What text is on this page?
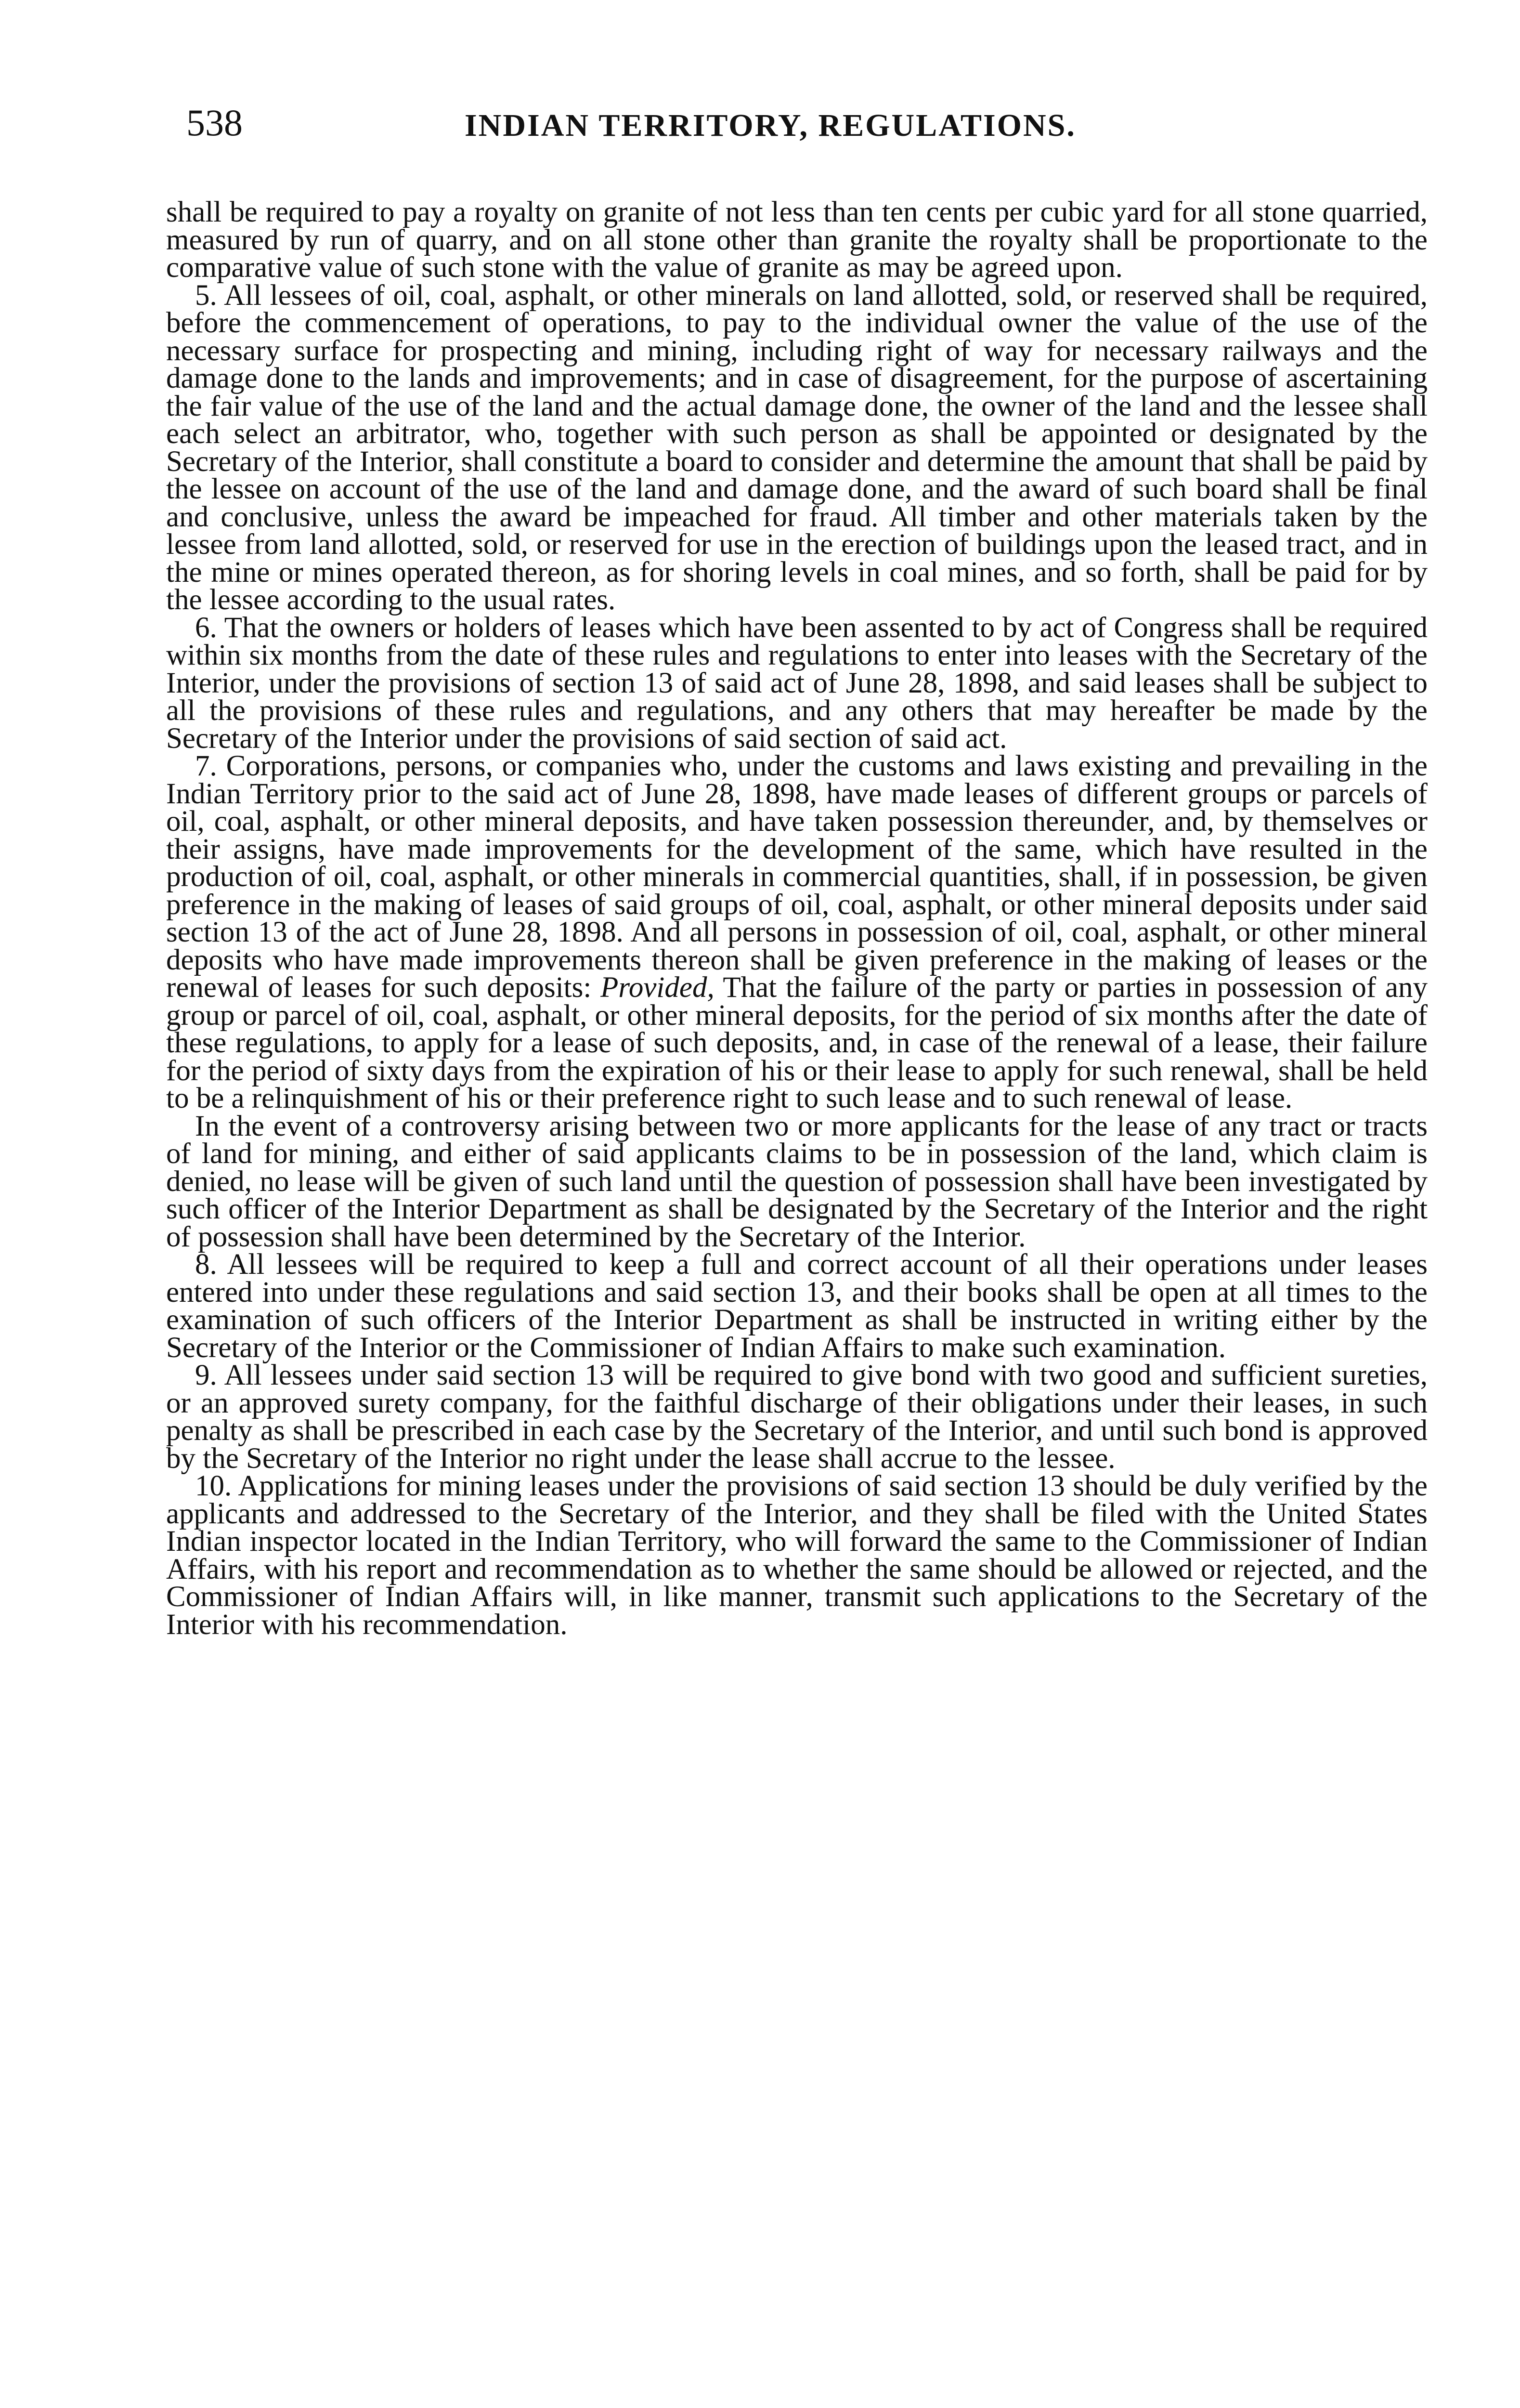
538	INDIAN TERRITORY, REGULATIONS.

shall be required to pay a royalty on granite of not less than ten cents per cubic yard for all stone quarried, measured by run of quarry, and on all stone other than granite the royalty shall be proportionate to the comparative value of such stone with the value of granite as may be agreed upon.

5. All lessees of oil, coal, asphalt, or other minerals on land allotted, sold, or reserved shall be required, before the commencement of operations, to pay to the individual owner the value of the use of the necessary surface for prospecting and mining, including right of way for necessary railways and the damage done to the lands and improvements; and in case of disagreement, for the purpose of ascertaining the fair value of the use of the land and the actual damage done, the owner of the land and the lessee shall each select an arbitrator, who, together with such person as shall be appointed or designated by the Secretary of the Interior, shall constitute a board to consider and determine the amount that shall be paid by the lessee on account of the use of the land and damage done, and the award of such board shall be final and conclusive, unless the award be impeached for fraud. All timber and other materials taken by the lessee from land allotted, sold, or reserved for use in the erection of buildings upon the leased tract, and in the mine or mines operated thereon, as for shoring levels in coal mines, and so forth, shall be paid for by the lessee according to the usual rates.

6. That the owners or holders of leases which have been assented to by act of Congress shall be required within six months from the date of these rules and regulations to enter into leases with the Secretary of the Interior, under the provisions of section 13 of said act of June 28, 1898, and said leases shall be subject to all the provisions of these rules and regulations, and any others that may hereafter be made by the Secretary of the Interior under the provisions of said section of said act.

7. Corporations, persons, or companies who, under the customs and laws existing and prevailing in the Indian Territory prior to the said act of June 28, 1898, have made leases of different groups or parcels of oil, coal, asphalt, or other mineral deposits, and have taken possession thereunder, and, by themselves or their assigns, have made improvements for the development of the same, which have resulted in the production of oil, coal, asphalt, or other minerals in commercial quantities, shall, if in possession, be given preference in the making of leases of said groups of oil, coal, asphalt, or other mineral deposits under said section 13 of the act of June 28, 1898. And all persons in possession of oil, coal, asphalt, or other mineral deposits who have made improvements thereon shall be given preference in the making of leases or the renewal of leases for such deposits: Provided, That the failure of the party or parties in possession of any group or parcel of oil, coal, asphalt, or other mineral deposits, for the period of six months after the date of these regulations, to apply for a lease of such deposits, and, in case of the renewal of a lease, their failure for the period of sixty days from the expiration of his or their lease to apply for such renewal, shall be held to be a relinquishment of his or their preference right to such lease and to such renewal of lease.

In the event of a controversy arising between two or more applicants for the lease of any tract or tracts of land for mining, and either of said applicants claims to be in possession of the land, which claim is denied, no lease will be given of such land until the question of possession shall have been investigated by such officer of the Interior Department as shall be designated by the Secretary of the Interior and the right of possession shall have been determined by the Secretary of the Interior.

8. All lessees will be required to keep a full and correct account of all their operations under leases entered into under these regulations and said section 13, and their books shall be open at all times to the examination of such officers of the Interior Department as shall be instructed in writing either by the Secretary of the Interior or the Commissioner of Indian Affairs to make such examination.

9. All lessees under said section 13 will be required to give bond with two good and sufficient sureties, or an approved surety company, for the faithful discharge of their obligations under their leases, in such penalty as shall be prescribed in each case by the Secretary of the Interior, and until such bond is approved by the Secretary of the Interior no right under the lease shall accrue to the lessee.

10. Applications for mining leases under the provisions of said section 13 should be duly verified by the applicants and addressed to the Secretary of the Interior, and they shall be filed with the United States Indian inspector located in the Indian Territory, who will forward the same to the Commissioner of Indian Affairs, with his report and recommendation as to whether the same should be allowed or rejected, and the Commissioner of Indian Affairs will, in like manner, transmit such applications to the Secretary of the Interior with his recommendation.
